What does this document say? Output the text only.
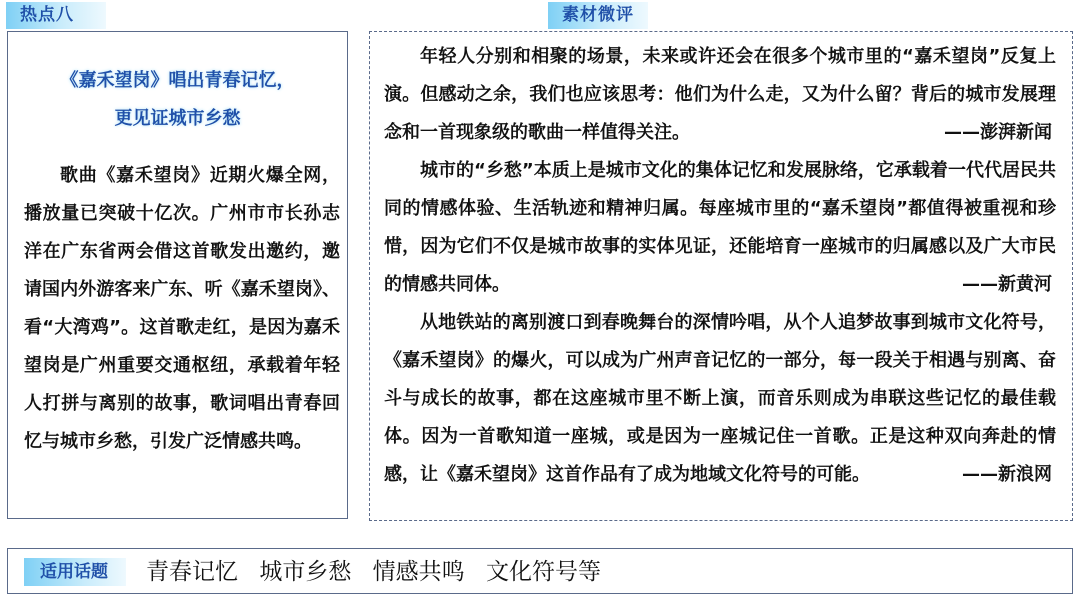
热点八	素材微评
《嘉禾望岗》唱出青春记忆，
更见证城市乡愁
歌曲《嘉禾望岗》近期火爆全网，播放量已突破十亿次。广州市市长孙志洋在广东省两会借这首歌发出邀约，邀请国内外游客来广东、听《嘉禾望岗》、看“大湾鸡”。这首歌走红，是因为嘉禾望岗是广州重要交通枢纽，承载着年轻人打拼与离别的故事，歌词唱出青春回忆与城市乡愁，引发广泛情感共鸣。

年轻人分别和相聚的场景，未来或许还会在很多个城市里的“嘉禾望岗”反复上演。但感动之余，我们也应该思考：他们为什么走，又为什么留？背后的城市发展理念和一首现象级的歌曲一样值得关注。	——澎湃新闻

城市的“乡愁”本质上是城市文化的集体记忆和发展脉络，它承载着一代代居民共同的情感体验、生活轨迹和精神归属。每座城市里的“嘉禾望岗”都值得被重视和珍惜，因为它们不仅是城市故事的实体见证，还能培育一座城市的归属感以及广大市民的情感共同体。	——新黄河

从地铁站的离别渡口到春晚舞台的深情吟唱，从个人追梦故事到城市文化符号，《嘉禾望岗》的爆火，可以成为广州声音记忆的一部分，每一段关于相遇与别离、奋斗与成长的故事，都在这座城市里不断上演，而音乐则成为串联这些记忆的最佳载体。因为一首歌知道一座城，或是因为一座城记住一首歌。正是这种双向奔赴的情感，让《嘉禾望岗》这首作品有了成为地域文化符号的可能。	——新浪网

适用话题	青春记忆 城市乡愁 情感共鸣 文化符号等
